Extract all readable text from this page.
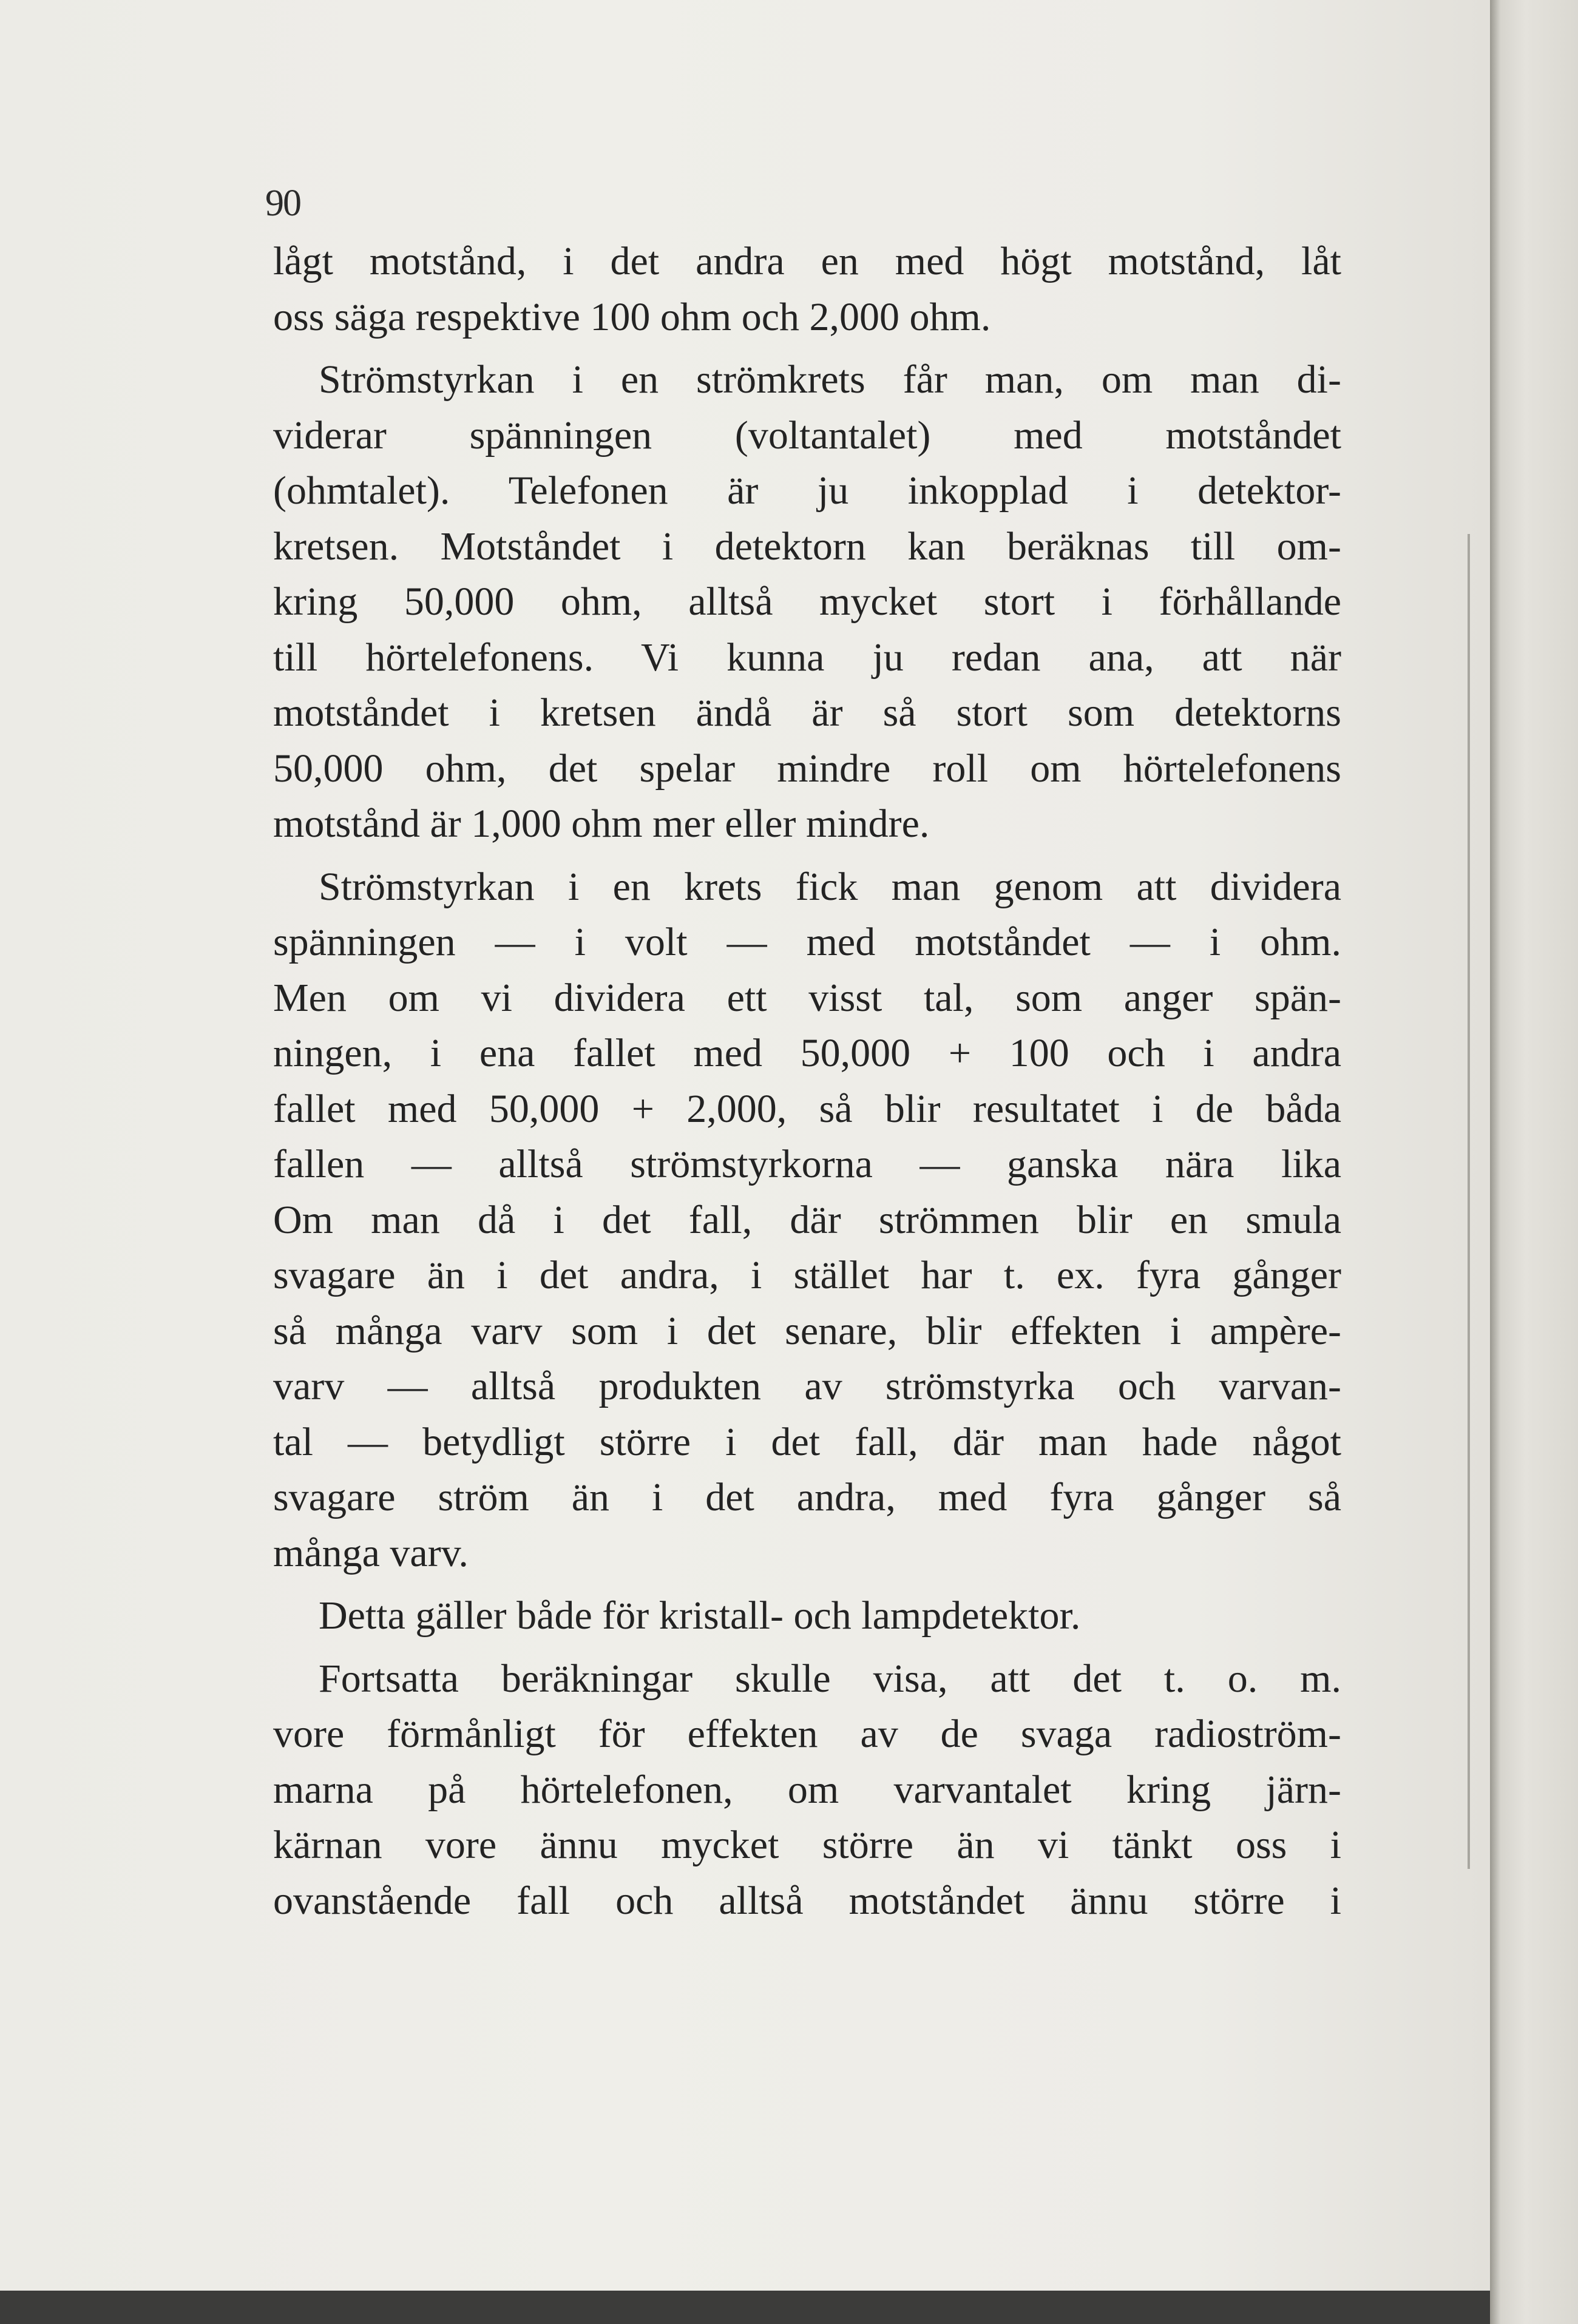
90
lågt motstånd, i det andra en med högt motstånd, låt
oss säga respektive 100 ohm och 2,000 ohm.
Strömstyrkan i en strömkrets får man, om man di-
viderar spänningen (voltantalet) med motståndet
(ohmtalet). Telefonen är ju inkopplad i detektor-
kretsen. Motståndet i detektorn kan beräknas till om-
kring 50,000 ohm, alltså mycket stort i förhållande
till hörtelefonens. Vi kunna ju redan ana, att när
motståndet i kretsen ändå är så stort som detektorns
50,000 ohm, det spelar mindre roll om hörtelefonens
motstånd är 1,000 ohm mer eller mindre.
Strömstyrkan i en krets fick man genom att dividera
spänningen — i volt — med motståndet — i ohm.
Men om vi dividera ett visst tal, som anger spän-
ningen, i ena fallet med 50,000 + 100 och i andra
fallet med 50,000 + 2,000, så blir resultatet i de båda
fallen — alltså strömstyrkorna — ganska nära lika
Om man då i det fall, där strömmen blir en smula
svagare än i det andra, i stället har t. ex. fyra gånger
så många varv som i det senare, blir effekten i ampère-
varv — alltså produkten av strömstyrka och varvan-
tal — betydligt större i det fall, där man hade något
svagare ström än i det andra, med fyra gånger så
många varv.
Detta gäller både för kristall- och lampdetektor.
Fortsatta beräkningar skulle visa, att det t. o. m.
vore förmånligt för effekten av de svaga radioström-
marna på hörtelefonen, om varvantalet kring järn-
kärnan vore ännu mycket större än vi tänkt oss i
ovanstående fall och alltså motståndet ännu större i
